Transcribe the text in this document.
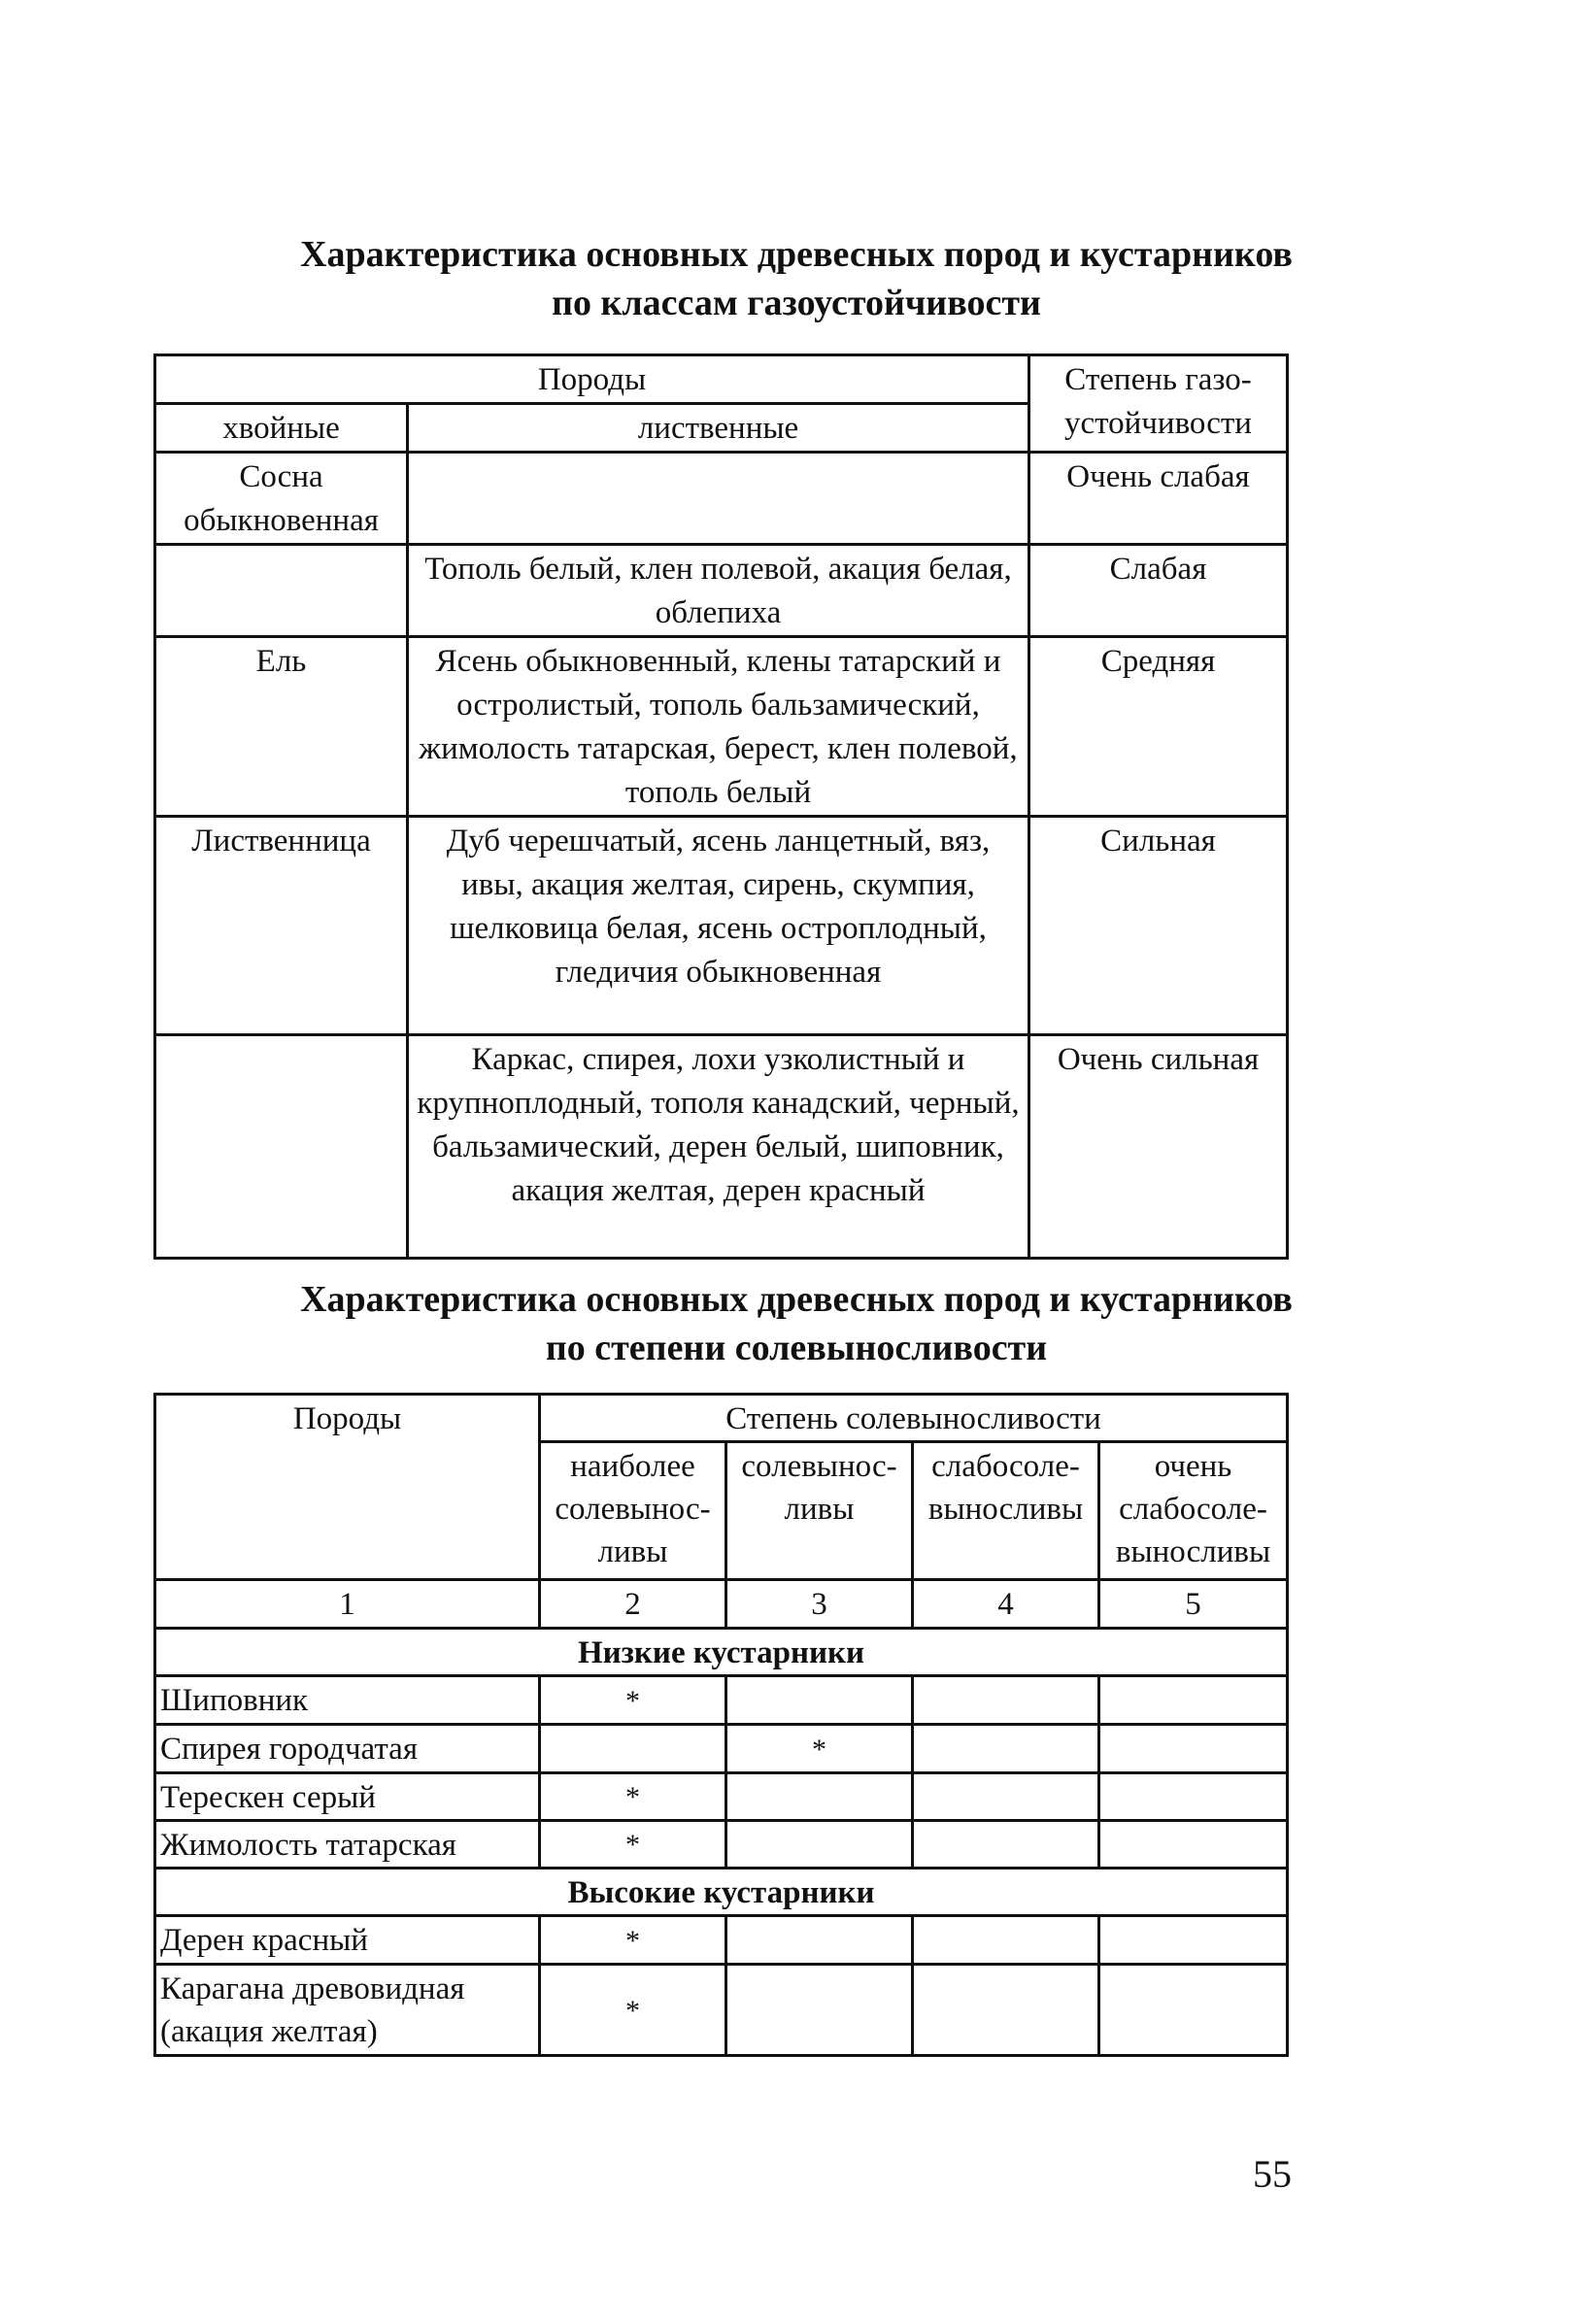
Характеристика основных древесных пород и кустарников
по классам газоустойчивости
Породы		Степень газо-устойчивости
хвойные	лиственные	
Сосна обыкновенная		Очень слабая
	Тополь белый, клен полевой, акация белая, облепиха	Слабая
Ель	Ясень обыкновенный, клены татарский и остролистый, тополь бальзамический, жимолость татарская, берест, клен полевой, тополь белый	Средняя
Лиственница	Дуб черешчатый, ясень ланцетный, вяз, ивы, акация желтая, сирень, скумпия, шелковица белая, ясень остроплодный, гледичия обыкновенная	Сильная
	Каркас, спирея, лохи узколистный и крупноплодный, тополя канадский, черный, бальзамический, дерен белый, шиповник, акация желтая, дерен красный	Очень сильная
Характеристика основных древесных пород и кустарников
по степени солевыносливости
Породы	Степень солевыносливости			
	наиболее солевынос-ливы	солевынос-ливы	слабосоле-выносливы	очень слабосоле-выносливы
1	2	3	4	5
Низкие кустарники				
Шиповник	*			
Спирея городчатая		*		
Терескен серый	*			
Жимолость татарская	*			
Высокие кустарники				
Дерен красный	*			
Карагана древовидная (акация желтая)	*			
55
